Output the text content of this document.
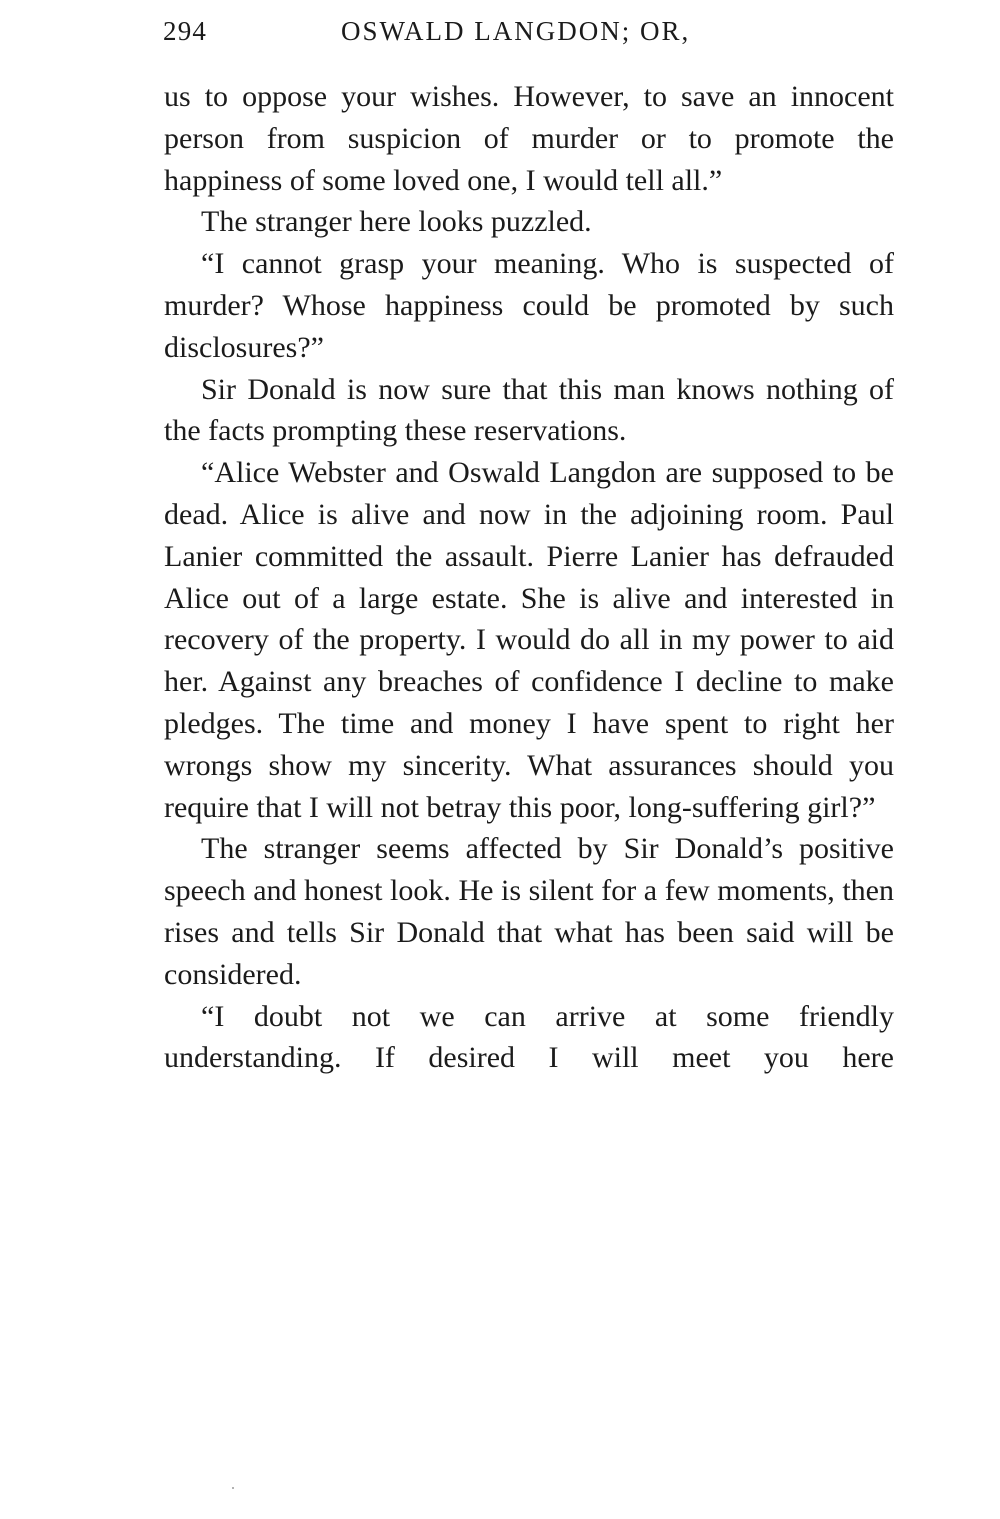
294	OSWALD LANGDON; OR,

us to oppose your wishes. However, to save an innocent person from suspicion of murder or to promote the happiness of some loved one, I would tell all.”

The stranger here looks puzzled.

“I cannot grasp your meaning. Who is suspected of murder? Whose happiness could be promoted by such disclosures?”

Sir Donald is now sure that this man knows nothing of the facts prompting these reservations.

“Alice Webster and Oswald Langdon are supposed to be dead. Alice is alive and now in the adjoining room. Paul Lanier committed the assault. Pierre Lanier has defrauded Alice out of a large estate. She is alive and interested in recovery of the property. I would do all in my power to aid her. Against any breaches of confidence I decline to make pledges. The time and money I have spent to right her wrongs show my sincerity. What assurances should you require that I will not betray this poor, long-suffering girl?”

The stranger seems affected by Sir Donald’s positive speech and honest look. He is silent for a few moments, then rises and tells Sir Donald that what has been said will be considered.

“I doubt not we can arrive at some friendly understanding. If desired I will meet you here
